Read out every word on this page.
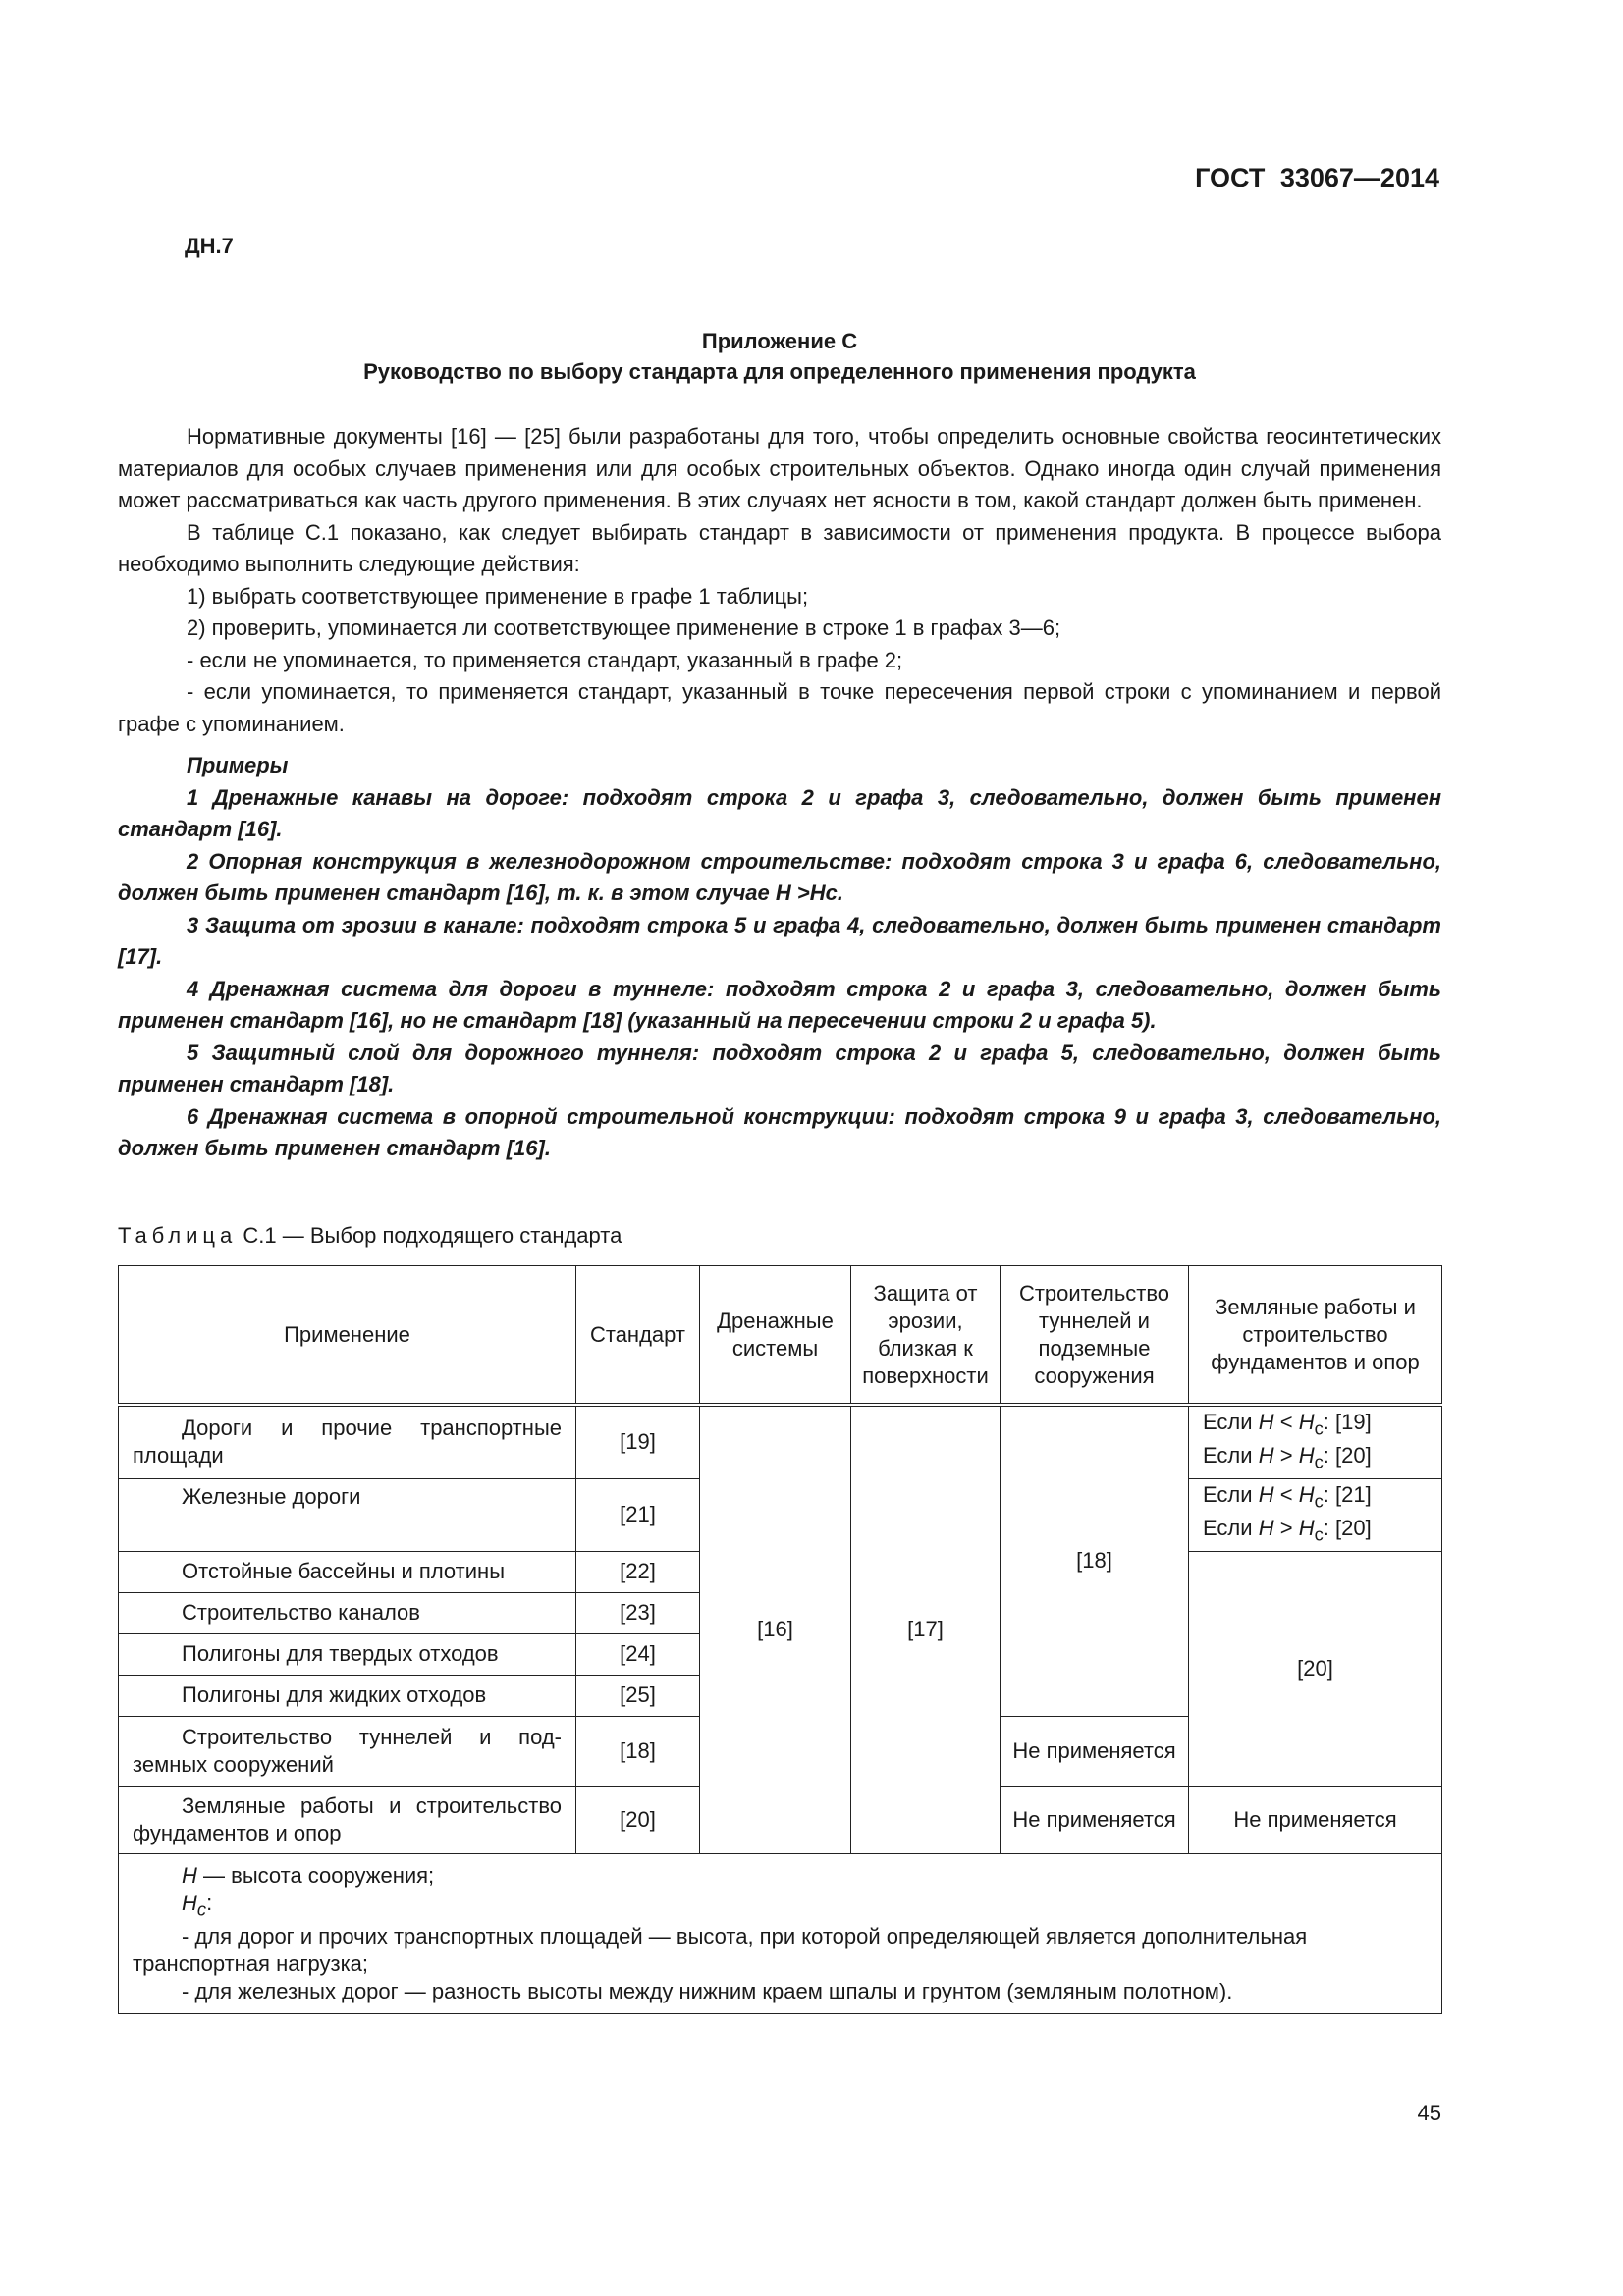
ГОСТ 33067—2014
ДН.7
Приложение С
Руководство по выбору стандарта для определенного применения продукта

Нормативные документы [16] — [25] были разработаны для того, чтобы определить основные свойства геосинтетических материалов для особых случаев применения или для особых строительных объектов. Однако иногда один случай применения может рассматриваться как часть другого применения. В этих случаях нет ясности в том, какой стандарт должен быть применен.

В таблице С.1 показано, как следует выбирать стандарт в зависимости от применения продукта. В процессе выбора необходимо выполнить следующие действия:

1) выбрать соответствующее применение в графе 1 таблицы;

2) проверить, упоминается ли соответствующее применение в строке 1 в графах 3—6;

- если не упоминается, то применяется стандарт, указанный в графе 2;

- если упоминается, то применяется стандарт, указанный в точке пересечения первой строки с упоминанием и первой графе с упоминанием.

Примеры

1 Дренажные канавы на дороге: подходят строка 2 и графа 3, следовательно, должен быть применен стандарт [16].

2 Опорная конструкция в железнодорожном строительстве: подходят строка 3 и графа 6, следовательно, должен быть применен стандарт [16], т. к. в этом случае H >Hc.

3 Защита от эрозии в канале: подходят строка 5 и графа 4, следовательно, должен быть применен стандарт [17].

4 Дренажная система для дороги в туннеле: подходят строка 2 и графа 3, следовательно, должен быть применен стандарт [16], но не стандарт [18] (указанный на пересечении строки 2 и графа 5).

5 Защитный слой для дорожного туннеля: подходят строка 2 и графа 5, следовательно, должен быть применен стандарт [18].

6 Дренажная система в опорной строительной конструкции: подходят строка 9 и графа 3, следовательно, должен быть применен стандарт [16].

Таблица С.1 — Выбор подходящего стандарта
Применение	Стандарт	Дренажные системы	Защита от эрозии, близкая к поверхности	Строительство туннелей и подземные сооружения	Земляные работы и строительство фундаментов и опор
Дороги и прочие транспортные площади	[19]	[16]	[17]	[18]	Если $H < H_c$: [19]
Если $H > H_c$: [20]

Железные дороги	[21]				Если $H < H_c$: [21]
Если $H > H_c$: [20]

Отстойные бассейны и плотины	[22]				[20]
Строительство каналов	[23]				
Полигоны для твердых отходов	[24]				
Полигоны для жидких отходов	[25]				
Строительство туннелей и подземных сооружений	[18]			Не применяется	
Земляные работы и строительство фундаментов и опор	[20]			Не применяется	Не применяется

H — высота сооружения;
$H_c$:
- для дорог и прочих транспортных площадей — высота, при которой определяющей является дополнительная транспортная нагрузка;
- для железных дорог — разность высоты между нижним краем шпалы и грунтом (земляным полотном).					
45
